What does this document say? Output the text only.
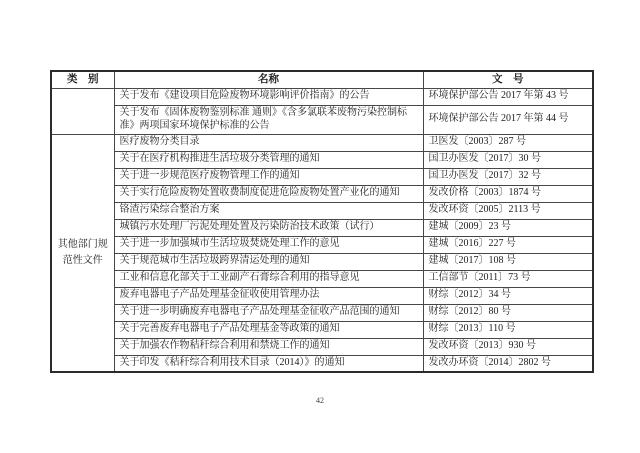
类　别	名称	文　号
	关于发布《建设项目危险废物环境影响评价指南》的公告	环境保护部公告 2017 年第 43 号
	关于发布《固体废物鉴别标准 通则》《含多氯联苯废物污染控制标准》两项国家环境保护标准的公告	环境保护部公告 2017 年第 44 号
其他部门规范性文件	医疗废物分类目录	卫医发〔2003〕287 号
	关于在医疗机构推进生活垃圾分类管理的通知	国卫办医发〔2017〕30 号
	关于进一步规范医疗废物管理工作的通知	国卫办医发〔2017〕32 号
	关于实行危险废物处置收费制度促进危险废物处置产业化的通知	发改价格〔2003〕1874 号
	铬渣污染综合整治方案	发改环资〔2005〕2113 号
	城镇污水处理厂污泥处理处置及污染防治技术政策（试行）	建城〔2009〕23 号
	关于进一步加强城市生活垃圾焚烧处理工作的意见	建城〔2016〕227 号
	关于规范城市生活垃圾跨界清运处理的通知	建城〔2017〕108 号
	工业和信息化部关于工业副产石膏综合利用的指导意见	工信部节〔2011〕73 号
	废弃电器电子产品处理基金征收使用管理办法	财综〔2012〕34 号
	关于进一步明确废弃电器电子产品处理基金征收产品范围的通知	财综〔2012〕80 号
	关于完善废弃电器电子产品处理基金等政策的通知	财综〔2013〕110 号
	关于加强农作物秸秆综合利用和禁烧工作的通知	发改环资〔2013〕930 号
	关于印发《秸秆综合利用技术目录（2014）》的通知	发改办环资〔2014〕2802 号
42
